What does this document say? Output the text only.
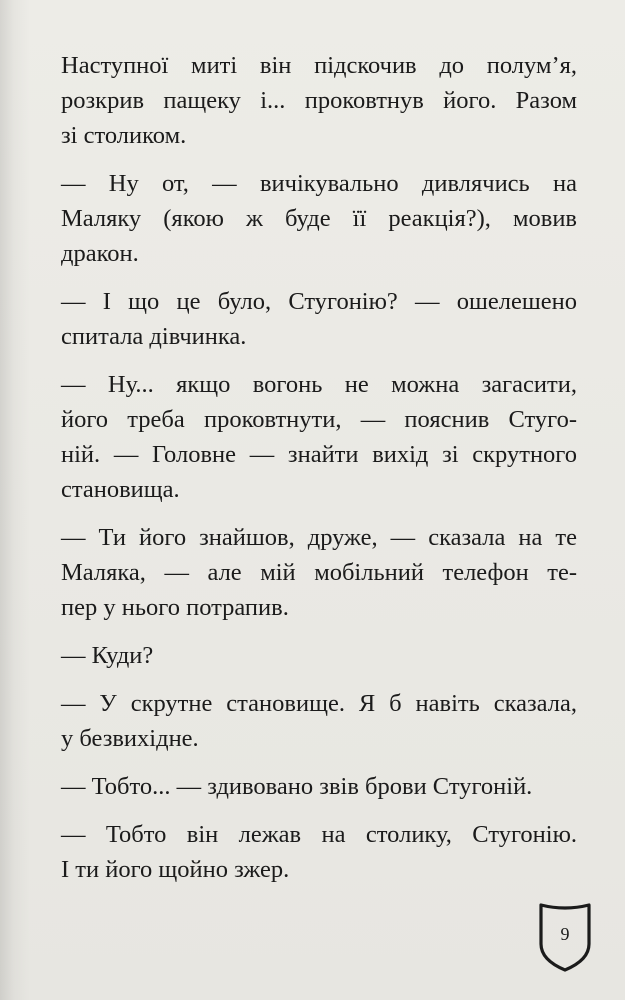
Наступної миті він підскочив до полум’я,
розкрив пащеку і... проковтнув його. Разом
зі столиком.

— Ну от, — вичікувально дивлячись на
Маляку (якою ж буде її реакція?), мовив
дракон.

— І що це було, Стугонію? — ошелешено
спитала дівчинка.

— Ну... якщо вогонь не можна загасити,
його треба проковтнути, — пояснив Стуго-
ній. — Головне — знайти вихід зі скрутного
становища.

— Ти його знайшов, друже, — сказала на те
Маляка, — але мій мобільний телефон те-
пер у нього потрапив.

— Куди?

— У скрутне становище. Я б навіть сказала,
у безвихідне.

— Тобто... — здивовано звів брови Стугоній.

— Тобто він лежав на столику, Стугонію.
І ти його щойно зжер.

9
